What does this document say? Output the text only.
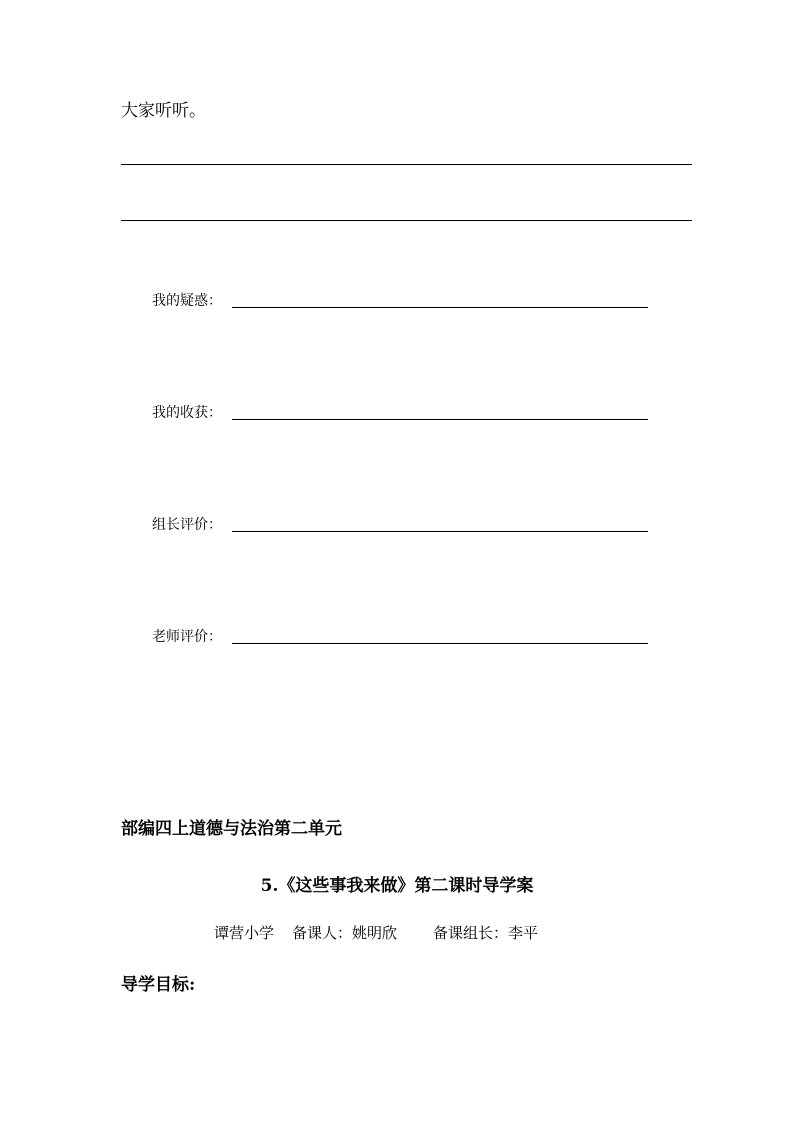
大家听听。

我的疑惑：

我的收获：

组长评价：

老师评价：

部编四上道德与法治第二单元

5.《这些事我来做》第二课时导学案

谭营小学 备课人：姚明欣 备课组长：李平

导学目标:
